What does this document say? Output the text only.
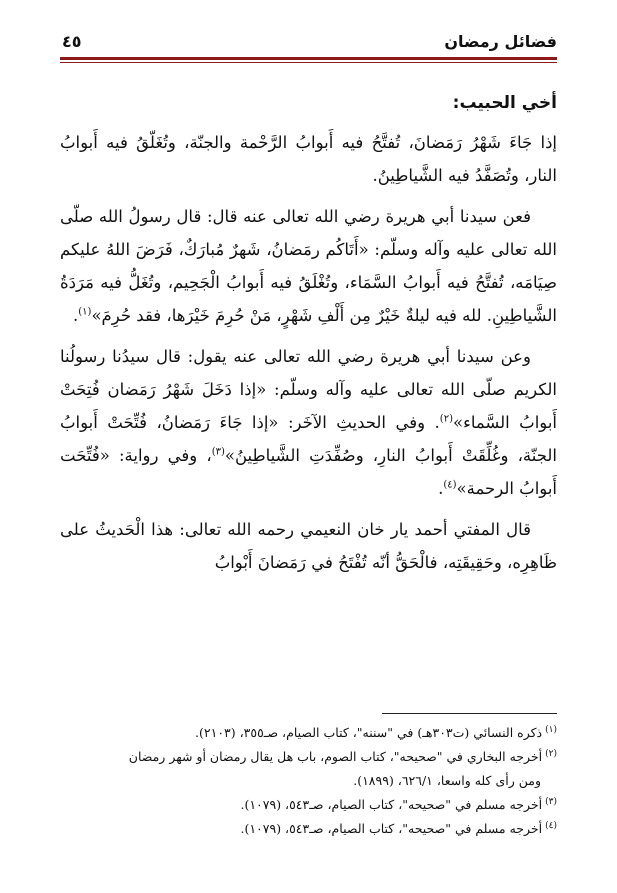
فضائل رمضان
٤٥

أخي الحبيب:

إذا جَاءَ شَهْرُ رَمَضانَ، تُفتَّحُ فيه أَبوابُ الرَّحْمة والجنّة، وتُغَلّقُ فيه أَبوابُ النار، وتُصَفَّدُ فيه الشَّياطِينُ.

فعن سيدنا أبي هريرة رضي الله تعالى عنه قال: قال رسولُ الله صلّى الله تعالى عليه وآله وسلّم: «أَتَاكُم رمَضانُ، شَهرٌ مُبارَكٌ، فَرَضَ اللهُ عليكم صِيَامَه، تُفتَّحُ فيه أَبوابُ السَّمَاء، وتُغْلَقُ فيه أَبوابُ الْجَحِيم، وتُغَلُّ فيه مَرَدَةُ الشَّياطِينِ. لله فيه ليلةٌ خَيْرٌ مِن أَلْفِ شَهْرٍ، مَنْ حُرِمَ خَيْرَها، فقد حُرِمَ»$^{(١)}$.

وعن سيدنا أبي هريرة رضي الله تعالى عنه يقول: قال سيدُنا رسولُنا الكريم صلّى الله تعالى عليه وآله وسلّم: «إذا دَخَلَ شَهْرُ رَمَضان فُتِحَتْ أَبوابُ السَّماء»$^{(٢)}$. وفي الحديثِ الآخَر: «إذا جَاءَ رَمَضانُ، فُتِّحَتْ أَبوابُ الجنّة، وغُلِّقَتْ أَبوابُ النارِ، وصُفِّدَتِ الشَّياطِينُ»$^{(٣)}$، وفي رواية: «فُتِّحَت أَبوابُ الرحمة»$^{(٤)}$.

قال المفتي أحمد يار خان النعيمي رحمه الله تعالى: هذا الْحَديثُ على ظَاهِرِه، وحَقِيقَتِه، فالْحَقُّ أنّه تُفْتَحُ في رَمَضانَ أَبْوابُ

$^{(١)}$ذكره النسائي (ت٣٠٣هـ) في "سننه"، كتاب الصيام، صـ٣٥٥، (٢١٠٣).

$^{(٢)}$أخرجه البخاري في "صحيحه"، كتاب الصوم، باب هل يقال رمضان أو شهر رمضان

ومن رأى كله واسعا، ٦٢٦/١، (١٨٩٩).

$^{(٣)}$أخرجه مسلم في "صحيحه"، كتاب الصيام، صـ٥٤٣، (١٠٧٩).

$^{(٤)}$أخرجه مسلم في "صحيحه"، كتاب الصيام، صـ٥٤٣، (١٠٧٩).
